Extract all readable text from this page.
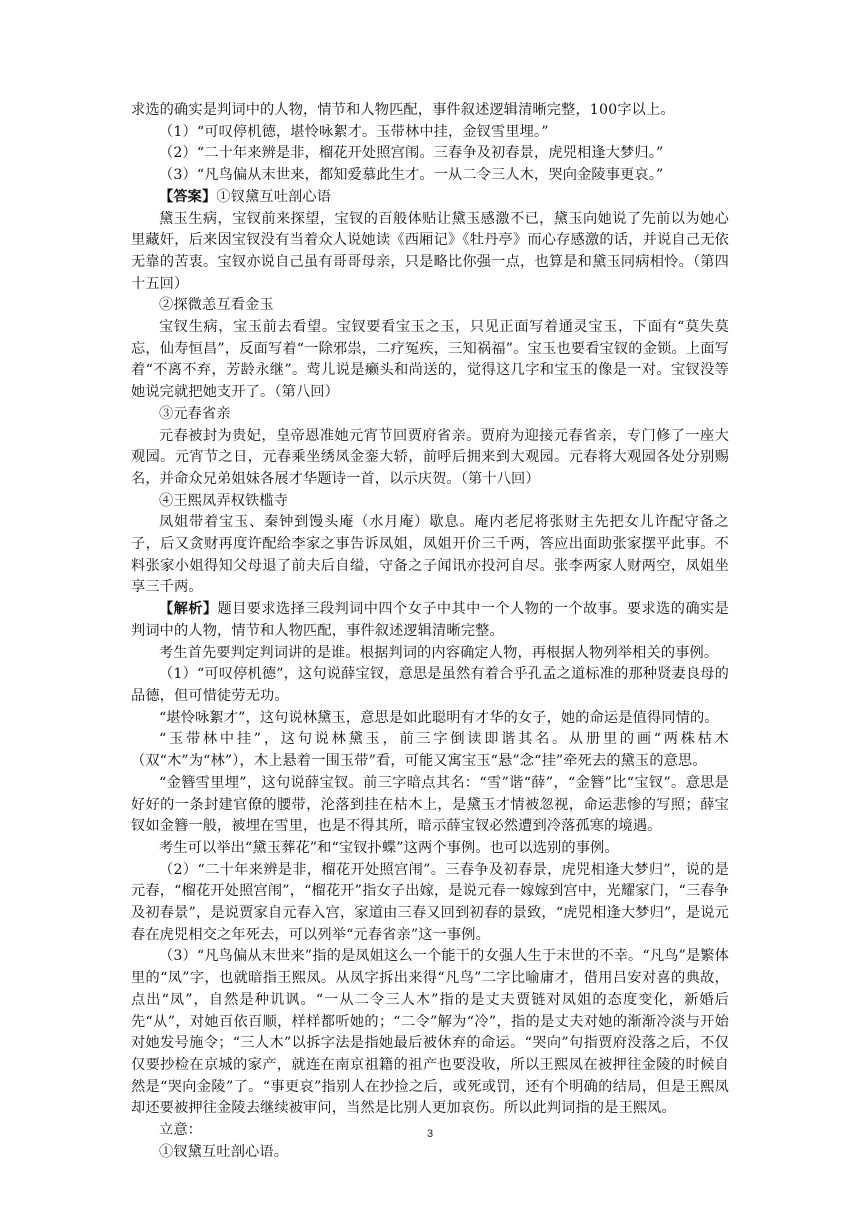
求选的确实是判词中的人物，情节和人物匹配，事件叙述逻辑清晰完整，100字以上。

（1）“可叹停机德，堪怜咏絮才。玉带林中挂，金钗雪里埋。”

（2）“二十年来辨是非，榴花开处照宫闱。三春争及初春景，虎兕相逢大梦归。”

（3）“凡鸟偏从末世来，都知爱慕此生才。一从二令三人木，哭向金陵事更哀。”

【答案】①钗黛互吐剖心语

黛玉生病，宝钗前来探望，宝钗的百般体贴让黛玉感激不已，黛玉向她说了先前以为她心里藏奸，后来因宝钗没有当着众人说她读《西厢记》《牡丹亭》而心存感激的话，并说自己无依无靠的苦衷。宝钗亦说自己虽有哥哥母亲，只是略比你强一点，也算是和黛玉同病相怜。（第四十五回）

②探微恙互看金玉

宝钗生病，宝玉前去看望。宝钗要看宝玉之玉，只见正面写着通灵宝玉，下面有“莫失莫忘，仙寿恒昌”，反面写着“一除邪祟，二疗冤疾，三知祸福”。宝玉也要看宝钗的金锁。上面写着“不离不弃，芳龄永继”。莺儿说是癞头和尚送的，觉得这几字和宝玉的像是一对。宝钗没等她说完就把她支开了。（第八回）

③元春省亲

元春被封为贵妃，皇帝恩准她元宵节回贾府省亲。贾府为迎接元春省亲，专门修了一座大观园。元宵节之日，元春乘坐绣凤金銮大轿，前呼后拥来到大观园。元春将大观园各处分别赐名，并命众兄弟姐妹各展才华题诗一首，以示庆贺。（第十八回）

④王熙凤弄权铁槛寺

凤姐带着宝玉、秦钟到馒头庵（水月庵）歇息。庵内老尼将张财主先把女儿许配守备之子，后又贪财再度许配给李家之事告诉凤姐，凤姐开价三千两，答应出面助张家摆平此事。不料张家小姐得知父母退了前夫后自缢，守备之子闻讯亦投河自尽。张李两家人财两空，凤姐坐享三千两。

【解析】题目要求选择三段判词中四个女子中其中一个人物的一个故事。要求选的确实是判词中的人物，情节和人物匹配，事件叙述逻辑清晰完整。

考生首先要判定判词讲的是谁。根据判词的内容确定人物，再根据人物列举相关的事例。

（1）“可叹停机德”，这句说薛宝钗，意思是虽然有着合乎孔孟之道标准的那种贤妻良母的品德，但可惜徒劳无功。

“堪怜咏絮才”，这句说林黛玉，意思是如此聪明有才华的女子，她的命运是值得同情的。

“玉带林中挂”，这句说林黛玉，前三字倒读即谐其名。从册里的画“两株枯木（双“木”为“林”），木上悬着一围玉带”看，可能又寓宝玉“悬”念“挂”牵死去的黛玉的意思。

“金簪雪里埋”，这句说薛宝钗。前三字暗点其名：“雪”谐“薛”，“金簪”比“宝钗”。意思是好好的一条封建官僚的腰带，沦落到挂在枯木上，是黛玉才情被忽视，命运悲惨的写照；薛宝钗如金簪一般，被埋在雪里，也是不得其所，暗示薛宝钗必然遭到冷落孤寒的境遇。

考生可以举出“黛玉葬花”和“宝钗扑蝶”这两个事例。也可以选别的事例。

（2）“二十年来辨是非，榴花开处照宫闱”。三春争及初春景，虎兕相逢大梦归”，说的是元春，“榴花开处照宫闱”，“榴花开”指女子出嫁，是说元春一嫁嫁到宫中，光耀家门，“三春争及初春景”，是说贾家自元春入宫，家道由三春又回到初春的景致，“虎兕相逢大梦归”，是说元春在虎兕相交之年死去，可以列举“元春省亲”这一事例。

（3）“凡鸟偏从末世来”指的是凤姐这么一个能干的女强人生于末世的不幸。“凡鸟”是繁体里的“凤”字，也就暗指王熙凤。从凤字拆出来得“凡鸟”二字比喻庸才，借用吕安对喜的典故，点出“凤”，自然是种讥讽。“一从二令三人木”指的是丈夫贾链对凤姐的态度变化，新婚后先“从”，对她百依百顺，样样都听她的；“二令”解为“冷”，指的是丈夫对她的渐渐冷淡与开始对她发号施令；“三人木”以拆字法是指她最后被休弃的命运。“哭向”句指贾府没落之后，不仅仅要抄检在京城的家产，就连在南京祖籍的祖产也要没收，所以王熙凤在被押往金陵的时候自然是“哭向金陵”了。“事更哀”指别人在抄捡之后，或死或罚，还有个明确的结局，但是王熙凤却还要被押往金陵去继续被审问，当然是比别人更加哀伤。所以此判词指的是王熙凤。

立意：

①钗黛互吐剖心语。

3
